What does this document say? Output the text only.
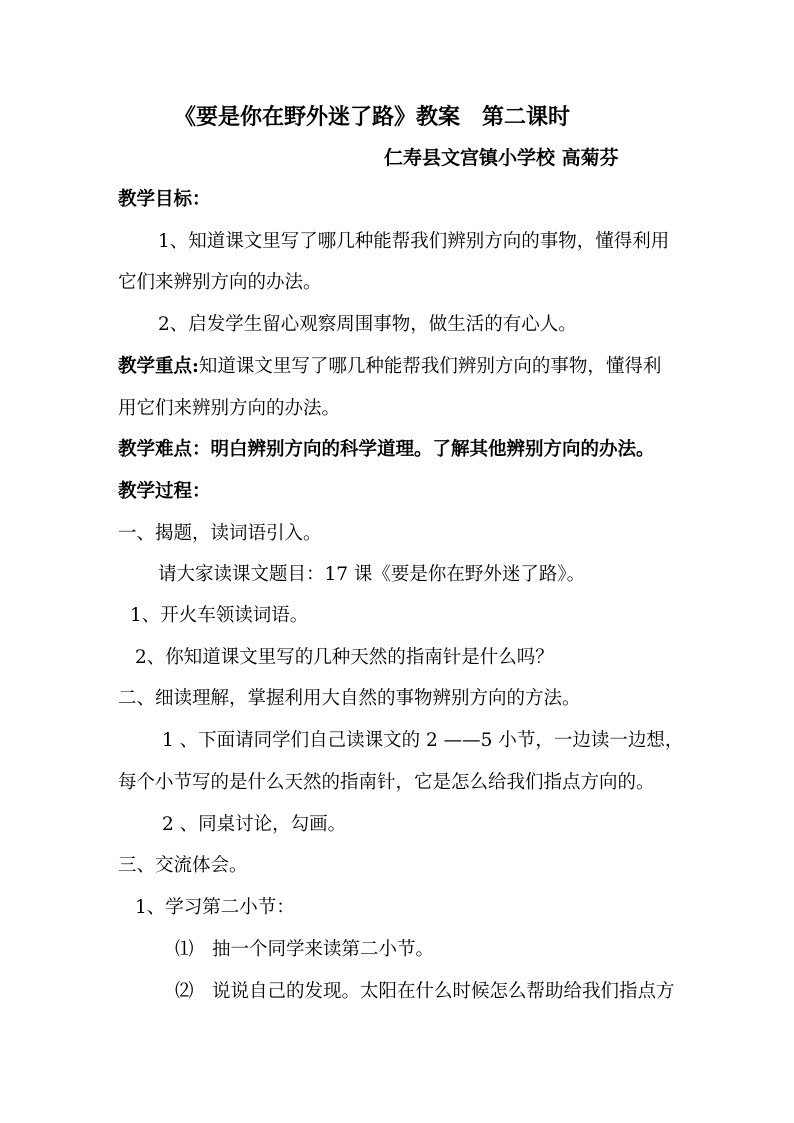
《要是你在野外迷了路》教案　第二课时
仁寿县文宫镇小学校 高菊芬
教学目标：
1、知道课文里写了哪几种能帮我们辨别方向的事物，懂得利用
它们来辨别方向的办法。
2、启发学生留心观察周围事物，做生活的有心人。
教学重点:知道课文里写了哪几种能帮我们辨别方向的事物，懂得利
用它们来辨别方向的办法。
教学难点：明白辨别方向的科学道理。了解其他辨别方向的办法。
教学过程：
一、揭题，读词语引入。
请大家读课文题目：17 课《要是你在野外迷了路》。
1、开火车领读词语。
2、你知道课文里写的几种天然的指南针是什么吗？
二、细读理解，掌握利用大自然的事物辨别方向的方法。
1 、下面请同学们自己读课文的 2 ——5 小节，一边读一边想，
每个小节写的是什么天然的指南针，它是怎么给我们指点方向的。
2 、同桌讨论，勾画。
三、交流体会。
1、学习第二小节：
⑴　抽一个同学来读第二小节。
⑵　说说自己的发现。太阳在什么时候怎么帮助给我们指点方
